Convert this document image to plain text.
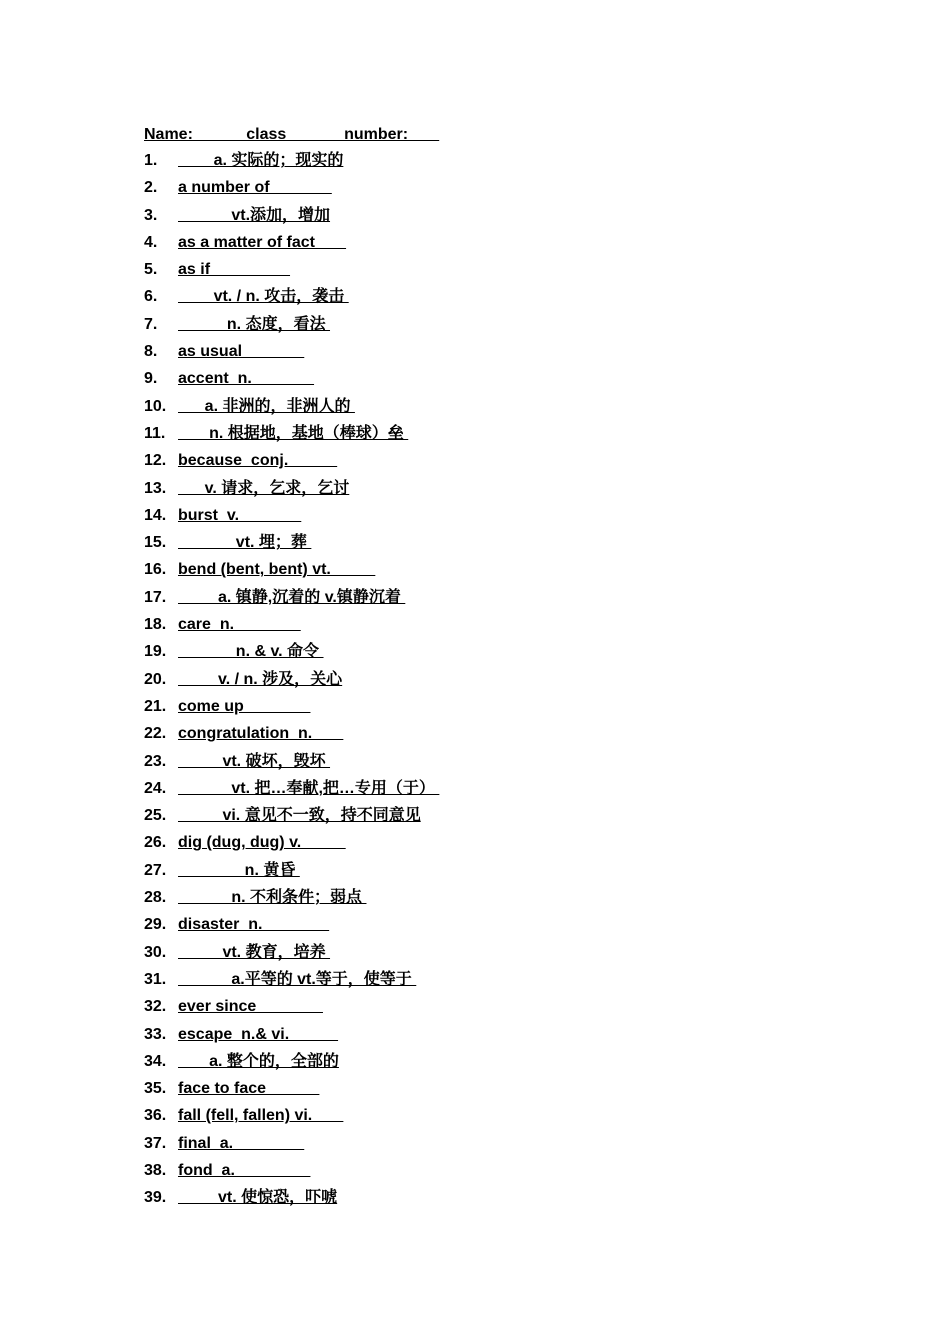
Name:            class             number:
1.	a. 实际的；现实的
2.	a number of
3.	vt.添加，增加
4.	as a matter of fact
5.	as if
6.	vt. / n. 攻击，袭击
7.	n. 态度，看法
8.	as usual
9.	accent  n.
10. a. 非洲的，非洲人的
11. n. 根据地，基地（棒球）垒
12. because  conj.
13. v. 请求，乞求，乞讨
14. burst  v.
15. vt. 埋；葬
16. bend (bent, bent) vt.
17. a. 镇静,沉着的 v.镇静沉着
18. care  n.
19. n. & v. 命令
20. v. / n. 涉及，关心
21. come up
22. congratulation  n.
23. vt. 破坏，毁坏
24. vt. 把…奉献,把…专用（于）
25. vi. 意见不一致，持不同意见
26. dig (dug, dug) v.
27. n. 黄昏
28. n. 不利条件；弱点
29. disaster  n.
30. vt. 教育，培养
31. a.平等的 vt.等于，使等于
32. ever since
33. escape  n.& vi.
34. a. 整个的，全部的
35. face to face
36. fall (fell, fallen) vi.
37. final  a.
38. fond  a.
39. vt. 使惊恐，吓唬
